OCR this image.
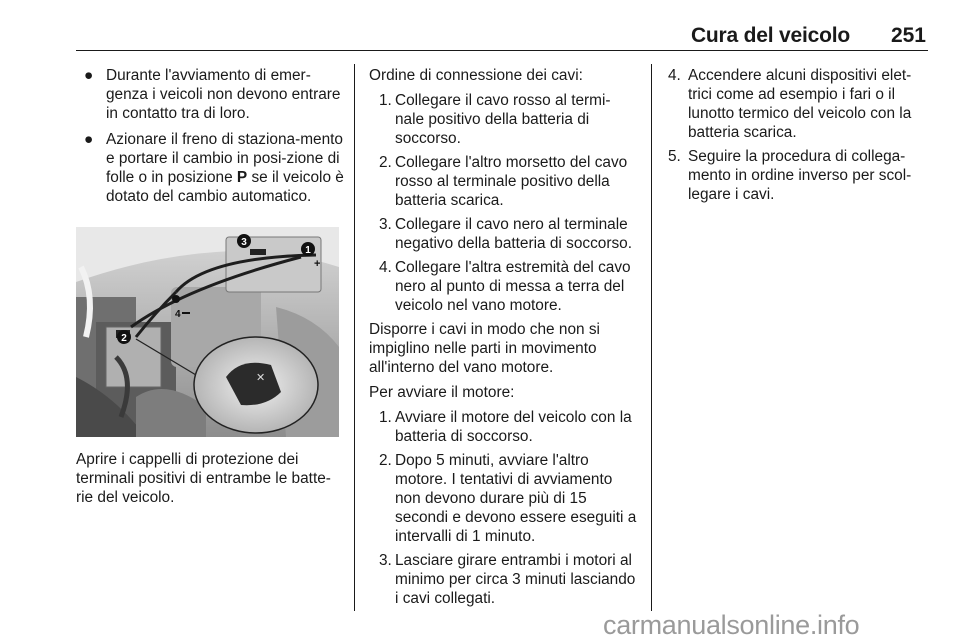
Cura del veicolo 251
● Durante l'avviamento di emer-genza i veicoli non devono entrare in contatto tra di loro.
● Azionare il freno di staziona-mento e portare il cambio in posi-zione di folle o in posizione P se il veicolo è dotato del cambio automatico.
✕
3
1
+
4
2
Aprire i cappelli di protezione dei terminali positivi di entrambe le batte-rie del veicolo.

Ordine di connessione dei cavi:

1. Collegare il cavo rosso al termi-nale positivo della batteria di soccorso.
2. Collegare l'altro morsetto del cavo rosso al terminale positivo della batteria scarica.
3. Collegare il cavo nero al terminale negativo della batteria di soccorso.
4. Collegare l'altra estremità del cavo nero al punto di messa a terra del veicolo nel vano motore.

Disporre i cavi in modo che non si impiglino nelle parti in movimento all'interno del vano motore.

Per avviare il motore:

1. Avviare il motore del veicolo con la batteria di soccorso.
2. Dopo 5 minuti, avviare l'altro motore. I tentativi di avviamento non devono durare più di 15 secondi e devono essere eseguiti a intervalli di 1 minuto.
3. Lasciare girare entrambi i motori al minimo per circa 3 minuti lasciando i cavi collegati.
4. Accendere alcuni dispositivi elet-trici come ad esempio i fari o il lunotto termico del veicolo con la batteria scarica.
5. Seguire la procedura di collega-mento in ordine inverso per scol-legare i cavi.
carmanualsonline.info
